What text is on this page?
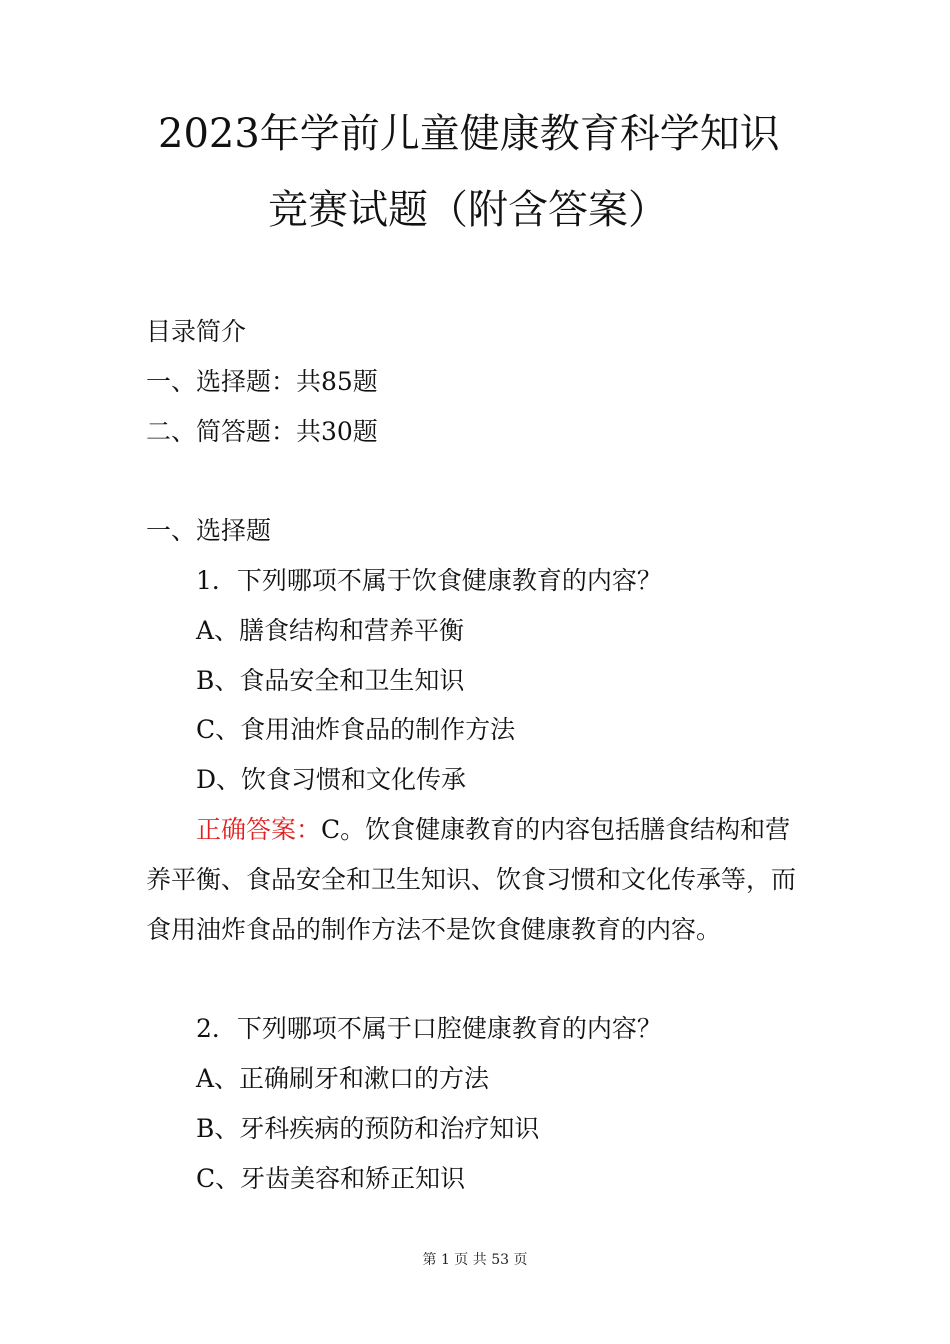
2023年学前儿童健康教育科学知识
竞赛试题（附含答案）
目录简介
一、选择题：共85题
二、简答题：共30题
一、选择题
1．下列哪项不属于饮食健康教育的内容？
A、膳食结构和营养平衡
B、食品安全和卫生知识
C、食用油炸食品的制作方法
D、饮食习惯和文化传承
正确答案：C。饮食健康教育的内容包括膳食结构和营
养平衡、食品安全和卫生知识、饮食习惯和文化传承等，而
食用油炸食品的制作方法不是饮食健康教育的内容。
2．下列哪项不属于口腔健康教育的内容？
A、正确刷牙和漱口的方法
B、牙科疾病的预防和治疗知识
C、牙齿美容和矫正知识
第 1 页 共 53 页
